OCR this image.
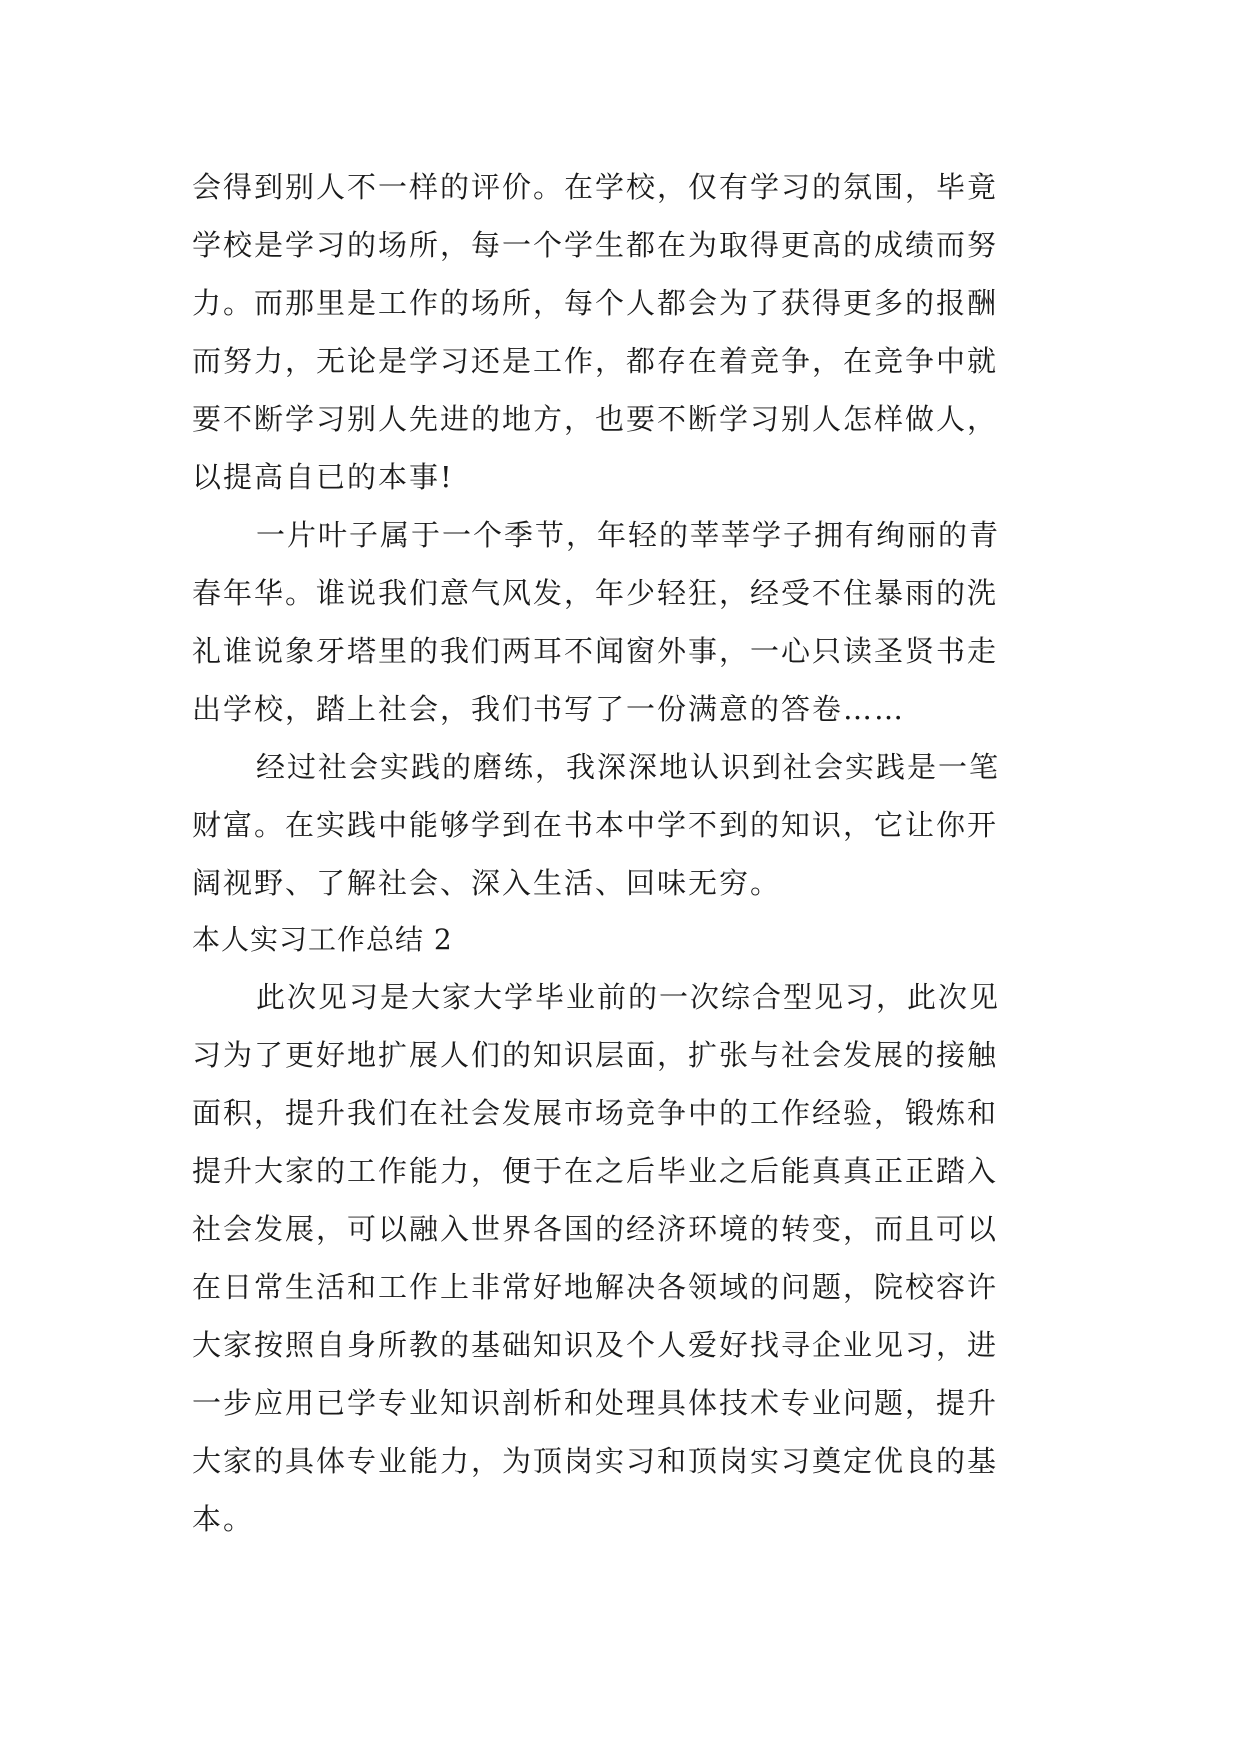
会得到别人不一样的评价。在学校，仅有学习的氛围，毕竟
学校是学习的场所，每一个学生都在为取得更高的成绩而努
力。而那里是工作的场所，每个人都会为了获得更多的报酬
而努力，无论是学习还是工作，都存在着竞争，在竞争中就
要不断学习别人先进的地方，也要不断学习别人怎样做人，
以提高自已的本事!
一片叶子属于一个季节，年轻的莘莘学子拥有绚丽的青
春年华。谁说我们意气风发，年少轻狂，经受不住暴雨的洗
礼谁说象牙塔里的我们两耳不闻窗外事，一心只读圣贤书走
出学校，踏上社会，我们书写了一份满意的答卷……
经过社会实践的磨练，我深深地认识到社会实践是一笔
财富。在实践中能够学到在书本中学不到的知识，它让你开
阔视野、了解社会、深入生活、回味无穷。
本人实习工作总结 2
此次见习是大家大学毕业前的一次综合型见习，此次见
习为了更好地扩展人们的知识层面，扩张与社会发展的接触
面积，提升我们在社会发展市场竞争中的工作经验，锻炼和
提升大家的工作能力，便于在之后毕业之后能真真正正踏入
社会发展，可以融入世界各国的经济环境的转变，而且可以
在日常生活和工作上非常好地解决各领域的问题，院校容许
大家按照自身所教的基础知识及个人爱好找寻企业见习，进
一步应用已学专业知识剖析和处理具体技术专业问题，提升
大家的具体专业能力，为顶岗实习和顶岗实习奠定优良的基
本。
